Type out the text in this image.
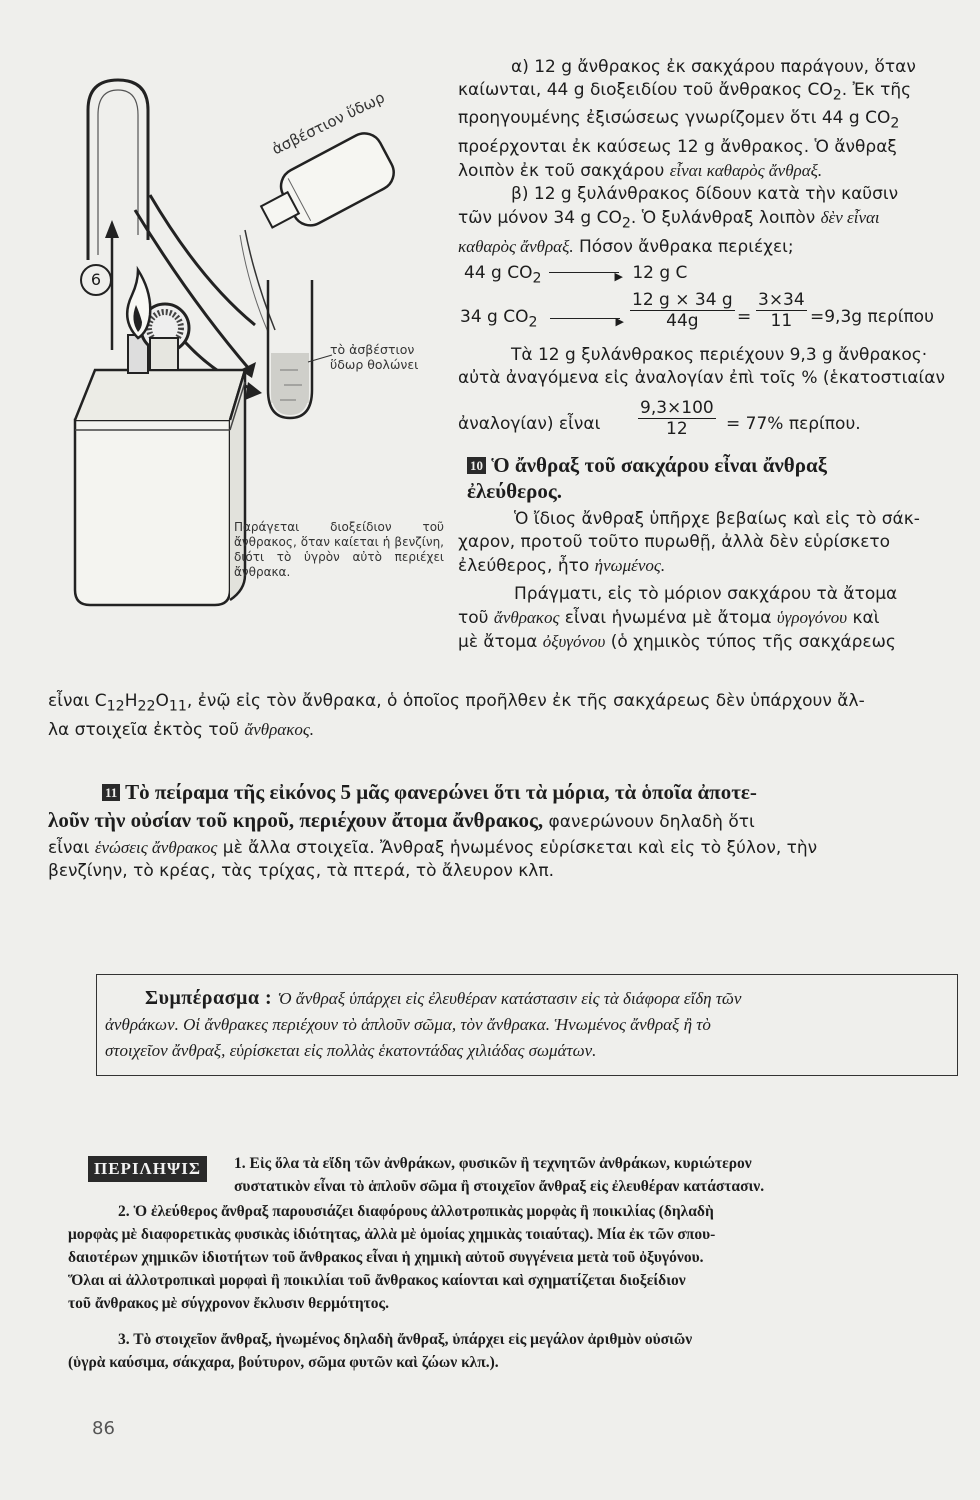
6
ἀσβέστιον ὕδωρ
τὸ ἀσβέστιον ὕδωρ θολώνει
Παράγεται διοξείδιον τοῦ ἄνθρακος, ὅταν καίεται ἡ βενζίνη, διότι τὸ ὑγρὸν αὐτὸ περιέχει ἄνθρακα.
α) 12 g ἄνθρακος ἐκ σακχάρου παράγουν, ὅταν
καίωνται, 44 g διοξειδίου τοῦ ἄνθρακος $CO_2$. Ἐκ τῆς
προηγουμένης ἐξισώσεως γνωρίζομεν ὅτι 44 g $CO_2$
προέρχονται ἐκ καύσεως 12 g ἄνθρακος. Ὁ ἄνθραξ
λοιπὸν ἐκ τοῦ σακχάρου εἶναι καθαρὸς ἄνθραξ.
β) 12 g ξυλάνθρακος δίδουν κατὰ τὴν καῦσιν
τῶν μόνον 34 g $CO_2$. Ὁ ξυλάνθραξ λοιπὸν δὲν εἶναι
καθαρὸς ἄνθραξ. Πόσον ἄνθρακα περιέχει;
44 g $CO_2$	▶ 12 g C
34 g $CO_2$	▶ $\frac{12 g \times 34 g}{44g} = \frac{3\times 34}{11} =9,3g$ περίπου
Τὰ 12 g ξυλάνθρακος περιέχουν 9,3 g ἄνθρακος·
αὐτὰ ἀναγόμενα εἰς ἀναλογίαν ἐπὶ τοῖς % (ἑκατοστιαίαν
ἀναλογίαν) εἶναι $\frac{9,3\times 100}{12} = 77\%$ περίπου.
10 Ὁ ἄνθραξ τοῦ σακχάρου εἶναι ἄνθραξ
ἐλεύθερος.
Ὁ ἴδιος ἄνθραξ ὑπῆρχε βεβαίως καὶ εἰς τὸ σάκ-
χαρον, προτοῦ τοῦτο πυρωθῇ, ἀλλὰ δὲν εὑρίσκετο
ἐλεύθερος, ἦτο ἡνωμένος.
Πράγματι, εἰς τὸ μόριον σακχάρου τὰ ἄτομα
τοῦ ἄνθρακος εἶναι ἡνωμένα μὲ ἄτομα ὑγρογόνου καὶ
μὲ ἄτομα ὀξυγόνου (ὁ χημικὸς τύπος τῆς σακχάρεως
εἶναι $C_{12}H_{22}O_{11}$, ἐνῷ εἰς τὸν ἄνθρακα, ὁ ὁποῖος προῆλθεν ἐκ τῆς σακχάρεως δὲν ὑπάρχουν ἄλ-
λα στοιχεῖα ἐκτὸς τοῦ ἄνθρακος.
11 Τὸ πείραμα τῆς εἰκόνος 5 μᾶς φανερώνει ὅτι τὰ μόρια, τὰ ὁποῖα ἀποτε-
λοῦν τὴν οὐσίαν τοῦ κηροῦ, περιέχουν ἄτομα ἄνθρακος, φανερώνουν δηλαδὴ ὅτι
εἶναι ἑνώσεις ἄνθρακος μὲ ἄλλα στοιχεῖα. Ἄνθραξ ἡνωμένος εὑρίσκεται καὶ εἰς τὸ ξύλον, τὴν
βενζίνην, τὸ κρέας, τὰς τρίχας, τὰ πτερά, τὸ ἄλευρον κλπ.
Συμπέρασμα : Ὁ ἄνθραξ ὑπάρχει εἰς ἐλευθέραν κατάστασιν εἰς τὰ διάφορα εἴδη τῶν
ἀνθράκων. Οἱ ἄνθρακες περιέχουν τὸ ἁπλοῦν σῶμα, τὸν ἄνθρακα. Ἡνωμένος ἄνθραξ ἢ τὸ
στοιχεῖον ἄνθραξ, εὑρίσκεται εἰς πολλὰς ἑκατοντάδας χιλιάδας σωμάτων.
ΠΕΡΙΛΗΨΙΣ	1. Εἰς ὅλα τὰ εἴδη τῶν ἀνθράκων, φυσικῶν ἢ τεχνητῶν ἀνθράκων, κυριώτερον
συστατικὸν εἶναι τὸ ἁπλοῦν σῶμα ἢ στοιχεῖον ἄνθραξ εἰς ἐλευθέραν κατάστασιν.
2. Ὁ ἐλεύθερος ἄνθραξ παρουσιάζει διαφόρους ἀλλοτροπικὰς μορφὰς ἢ ποικιλίας (δηλαδὴ
μορφὰς μὲ διαφορετικὰς φυσικὰς ἰδιότητας, ἀλλὰ μὲ ὁμοίας χημικὰς τοιαύτας). Μία ἐκ τῶν σπου-
δαιοτέρων χημικῶν ἰδιοτήτων τοῦ ἄνθρακος εἶναι ἡ χημικὴ αὐτοῦ συγγένεια μετὰ τοῦ ὀξυγόνου.
Ὅλαι αἱ ἀλλοτροπικαὶ μορφαὶ ἢ ποικιλίαι τοῦ ἄνθρακος καίονται καὶ σχηματίζεται διοξείδιον
τοῦ ἄνθρακος μὲ σύγχρονον ἔκλυσιν θερμότητος.
3. Τὸ στοιχεῖον ἄνθραξ, ἡνωμένος δηλαδὴ ἄνθραξ, ὑπάρχει εἰς μεγάλον ἀριθμὸν οὐσιῶν
(ὑγρὰ καύσιμα, σάκχαρα, βούτυρον, σῶμα φυτῶν καὶ ζώων κλπ.).
86
